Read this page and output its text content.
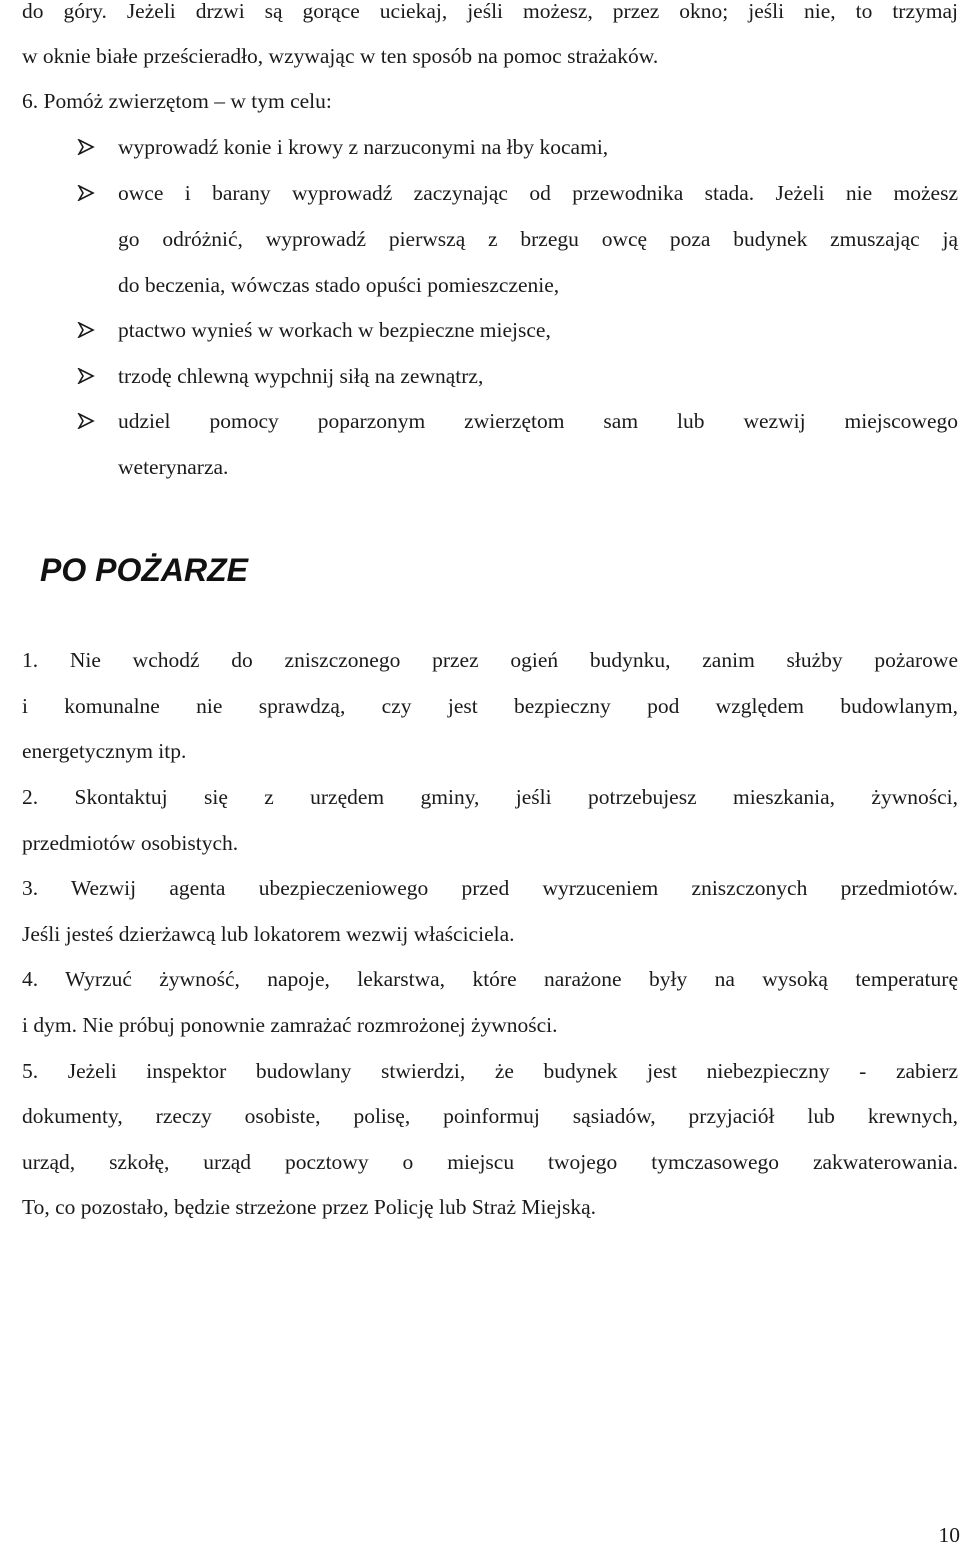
do góry. Jeżeli drzwi są gorące uciekaj, jeśli możesz, przez okno; jeśli nie, to trzymaj
w oknie białe prześcieradło, wzywając w ten sposób na pomoc strażaków.
6. Pomóż zwierzętom – w tym celu:
wyprowadź konie i krowy z narzuconymi na łby kocami,
owce i barany wyprowadź zaczynając od przewodnika stada. Jeżeli nie możesz
go odróżnić, wyprowadź pierwszą z brzegu owcę poza budynek zmuszając ją
do beczenia, wówczas stado opuści pomieszczenie,
ptactwo wynieś w workach w bezpieczne miejsce,
trzodę chlewną wypchnij siłą na zewnątrz,
udziel pomocy poparzonym zwierzętom sam lub wezwij miejscowego
weterynarza.
PO POŻARZE
1. Nie wchodź do zniszczonego przez ogień budynku, zanim służby pożarowe
i komunalne nie sprawdzą, czy jest bezpieczny pod względem budowlanym,
energetycznym itp.
2. Skontaktuj się z urzędem gminy, jeśli potrzebujesz mieszkania, żywności,
przedmiotów osobistych.
3. Wezwij agenta ubezpieczeniowego przed wyrzuceniem zniszczonych przedmiotów.
Jeśli jesteś dzierżawcą lub lokatorem wezwij właściciela.
4. Wyrzuć żywność, napoje, lekarstwa, które narażone były na wysoką temperaturę
i dym. Nie próbuj ponownie zamrażać rozmrożonej żywności.
5. Jeżeli inspektor budowlany stwierdzi, że budynek jest niebezpieczny - zabierz
dokumenty, rzeczy osobiste, polisę, poinformuj sąsiadów, przyjaciół lub krewnych,
urząd, szkołę, urząd pocztowy o miejscu twojego tymczasowego zakwaterowania.
To, co pozostało, będzie strzeżone przez Policję lub Straż Miejską.
10
